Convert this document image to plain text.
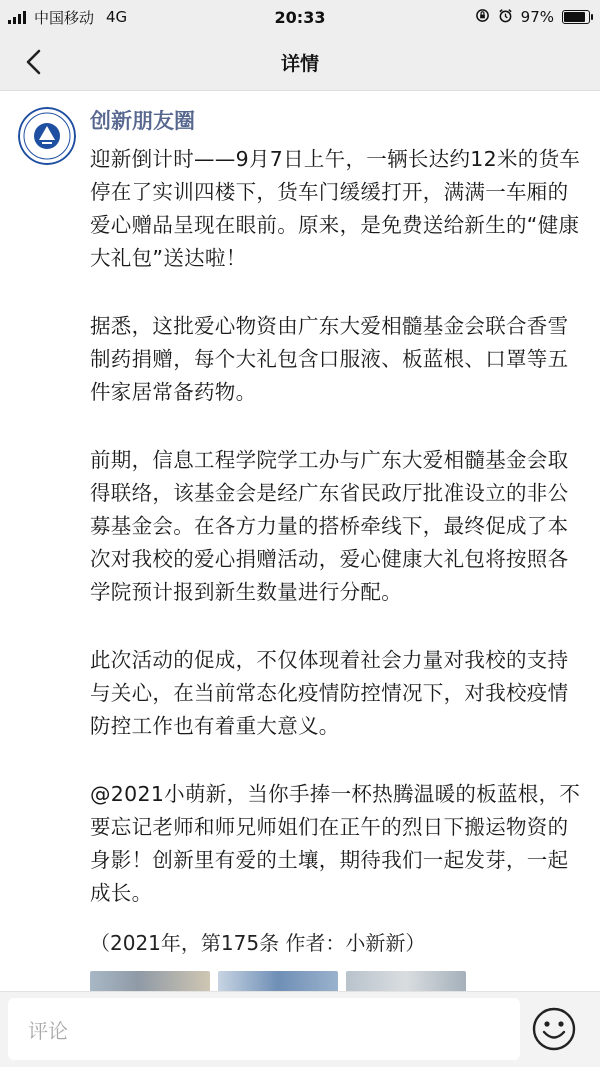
中国移动 4G	20:33	97%
详情
创新朋友圈

迎新倒计时——9月7日上午，一辆长达约12米的货车停在了实训四楼下，货车门缓缓打开，满满一车厢的爱心赠品呈现在眼前。原来，是免费送给新生的“健康大礼包”送达啦！

据悉，这批爱心物资由广东大爱相髓基金会联合香雪制药捐赠，每个大礼包含口服液、板蓝根、口罩等五件家居常备药物。

前期，信息工程学院学工办与广东大爱相髓基金会取得联络，该基金会是经广东省民政厅批准设立的非公募基金会。在各方力量的搭桥牵线下，最终促成了本次对我校的爱心捐赠活动，爱心健康大礼包将按照各学院预计报到新生数量进行分配。

此次活动的促成，不仅体现着社会力量对我校的支持与关心，在当前常态化疫情防控情况下，对我校疫情防控工作也有着重大意义。

@2021小萌新，当你手捧一杯热腾温暖的板蓝根，不要忘记老师和师兄师姐们在正午的烈日下搬运物资的身影！创新里有爱的土壤，期待我们一起发芽，一起成长。

（2021年，第175条 作者：小新新）
评论
